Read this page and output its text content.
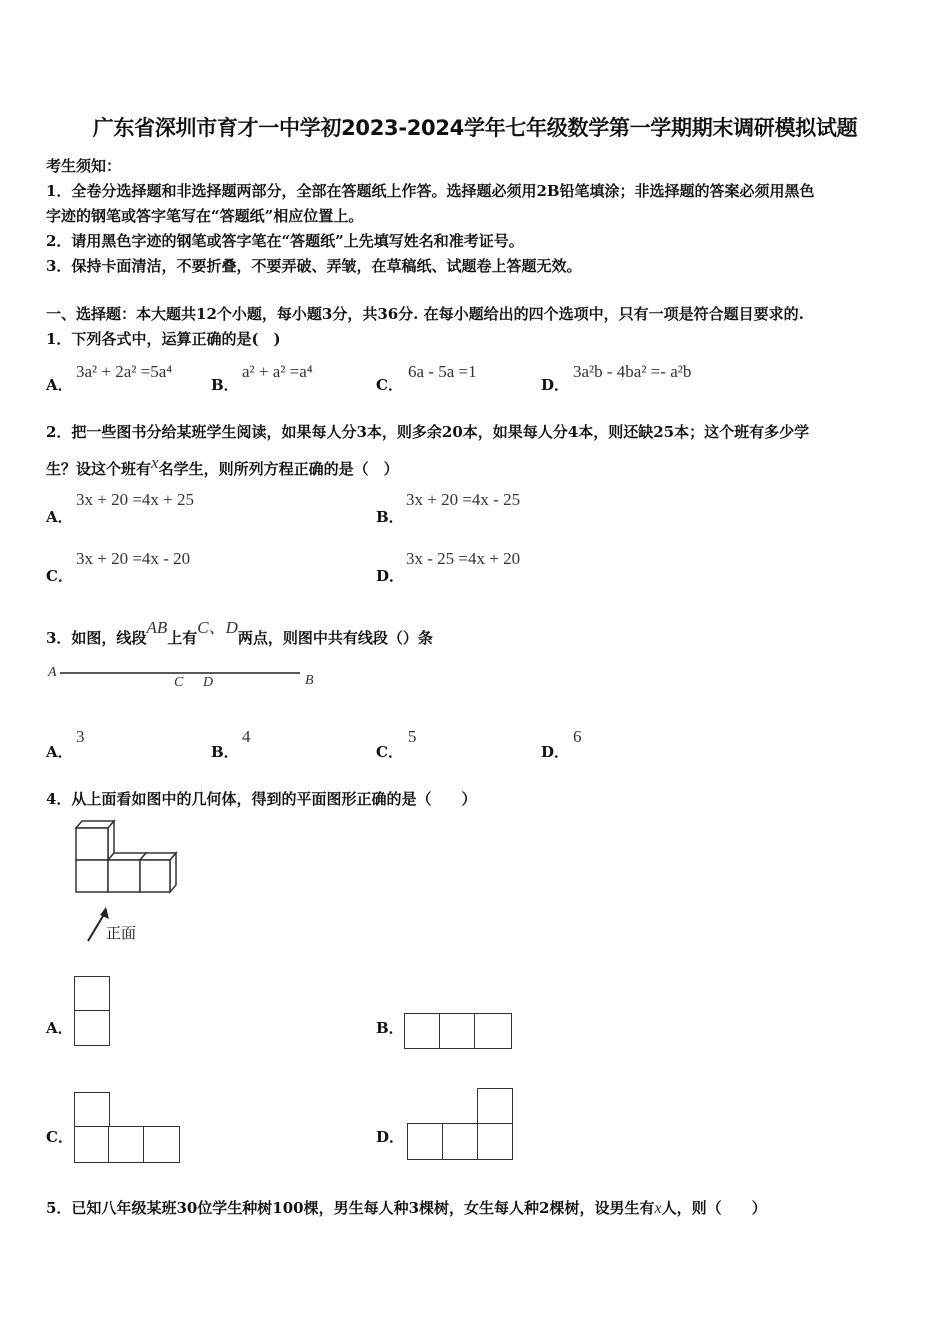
广东省深圳市育才一中学初2023-2024学年七年级数学第一学期期末调研模拟试题
考生须知：
1．全卷分选择题和非选择题两部分，全部在答题纸上作答。选择题必须用2B铅笔填涂；非选择题的答案必须用黑色
字迹的钢笔或答字笔写在“答题纸”相应位置上。
2．请用黑色字迹的钢笔或答字笔在“答题纸”上先填写姓名和准考证号。
3．保持卡面清洁，不要折叠，不要弄破、弄皱，在草稿纸、试题卷上答题无效。
一、选择题：本大题共12个小题，每小题3分，共36分. 在每小题给出的四个选项中，只有一项是符合题目要求的.
1．下列各式中，运算正确的是(　)
A．
3a² + 2a² =5a⁴
B．
a² + a² =a⁴
C．
6a - 5a =1
D．
3a²b - 4ba² =- a²b
2．把一些图书分给某班学生阅读，如果每人分3本，则多余20本，如果每人分4本，则还缺25本；这个班有多少学
生？设这个班有x名学生，则所列方程正确的是（　）
A．
3x + 20 =4x + 25
B．
3x + 20 =4x - 25
C．
3x + 20 =4x - 20
D．
3x - 25 =4x + 20
3．如图，线段AB上有C、D两点，则图中共有线段（）条
A
C D	B
A．
3
B．
4
C．
5
D．
6
4．从上面看如图中的几何体，得到的平面图形正确的是（　　）
正面
A．	B．
C．	D．
5．已知八年级某班30位学生种树100棵，男生每人种3棵树，女生每人种2棵树，设男生有x人，则（　　）
